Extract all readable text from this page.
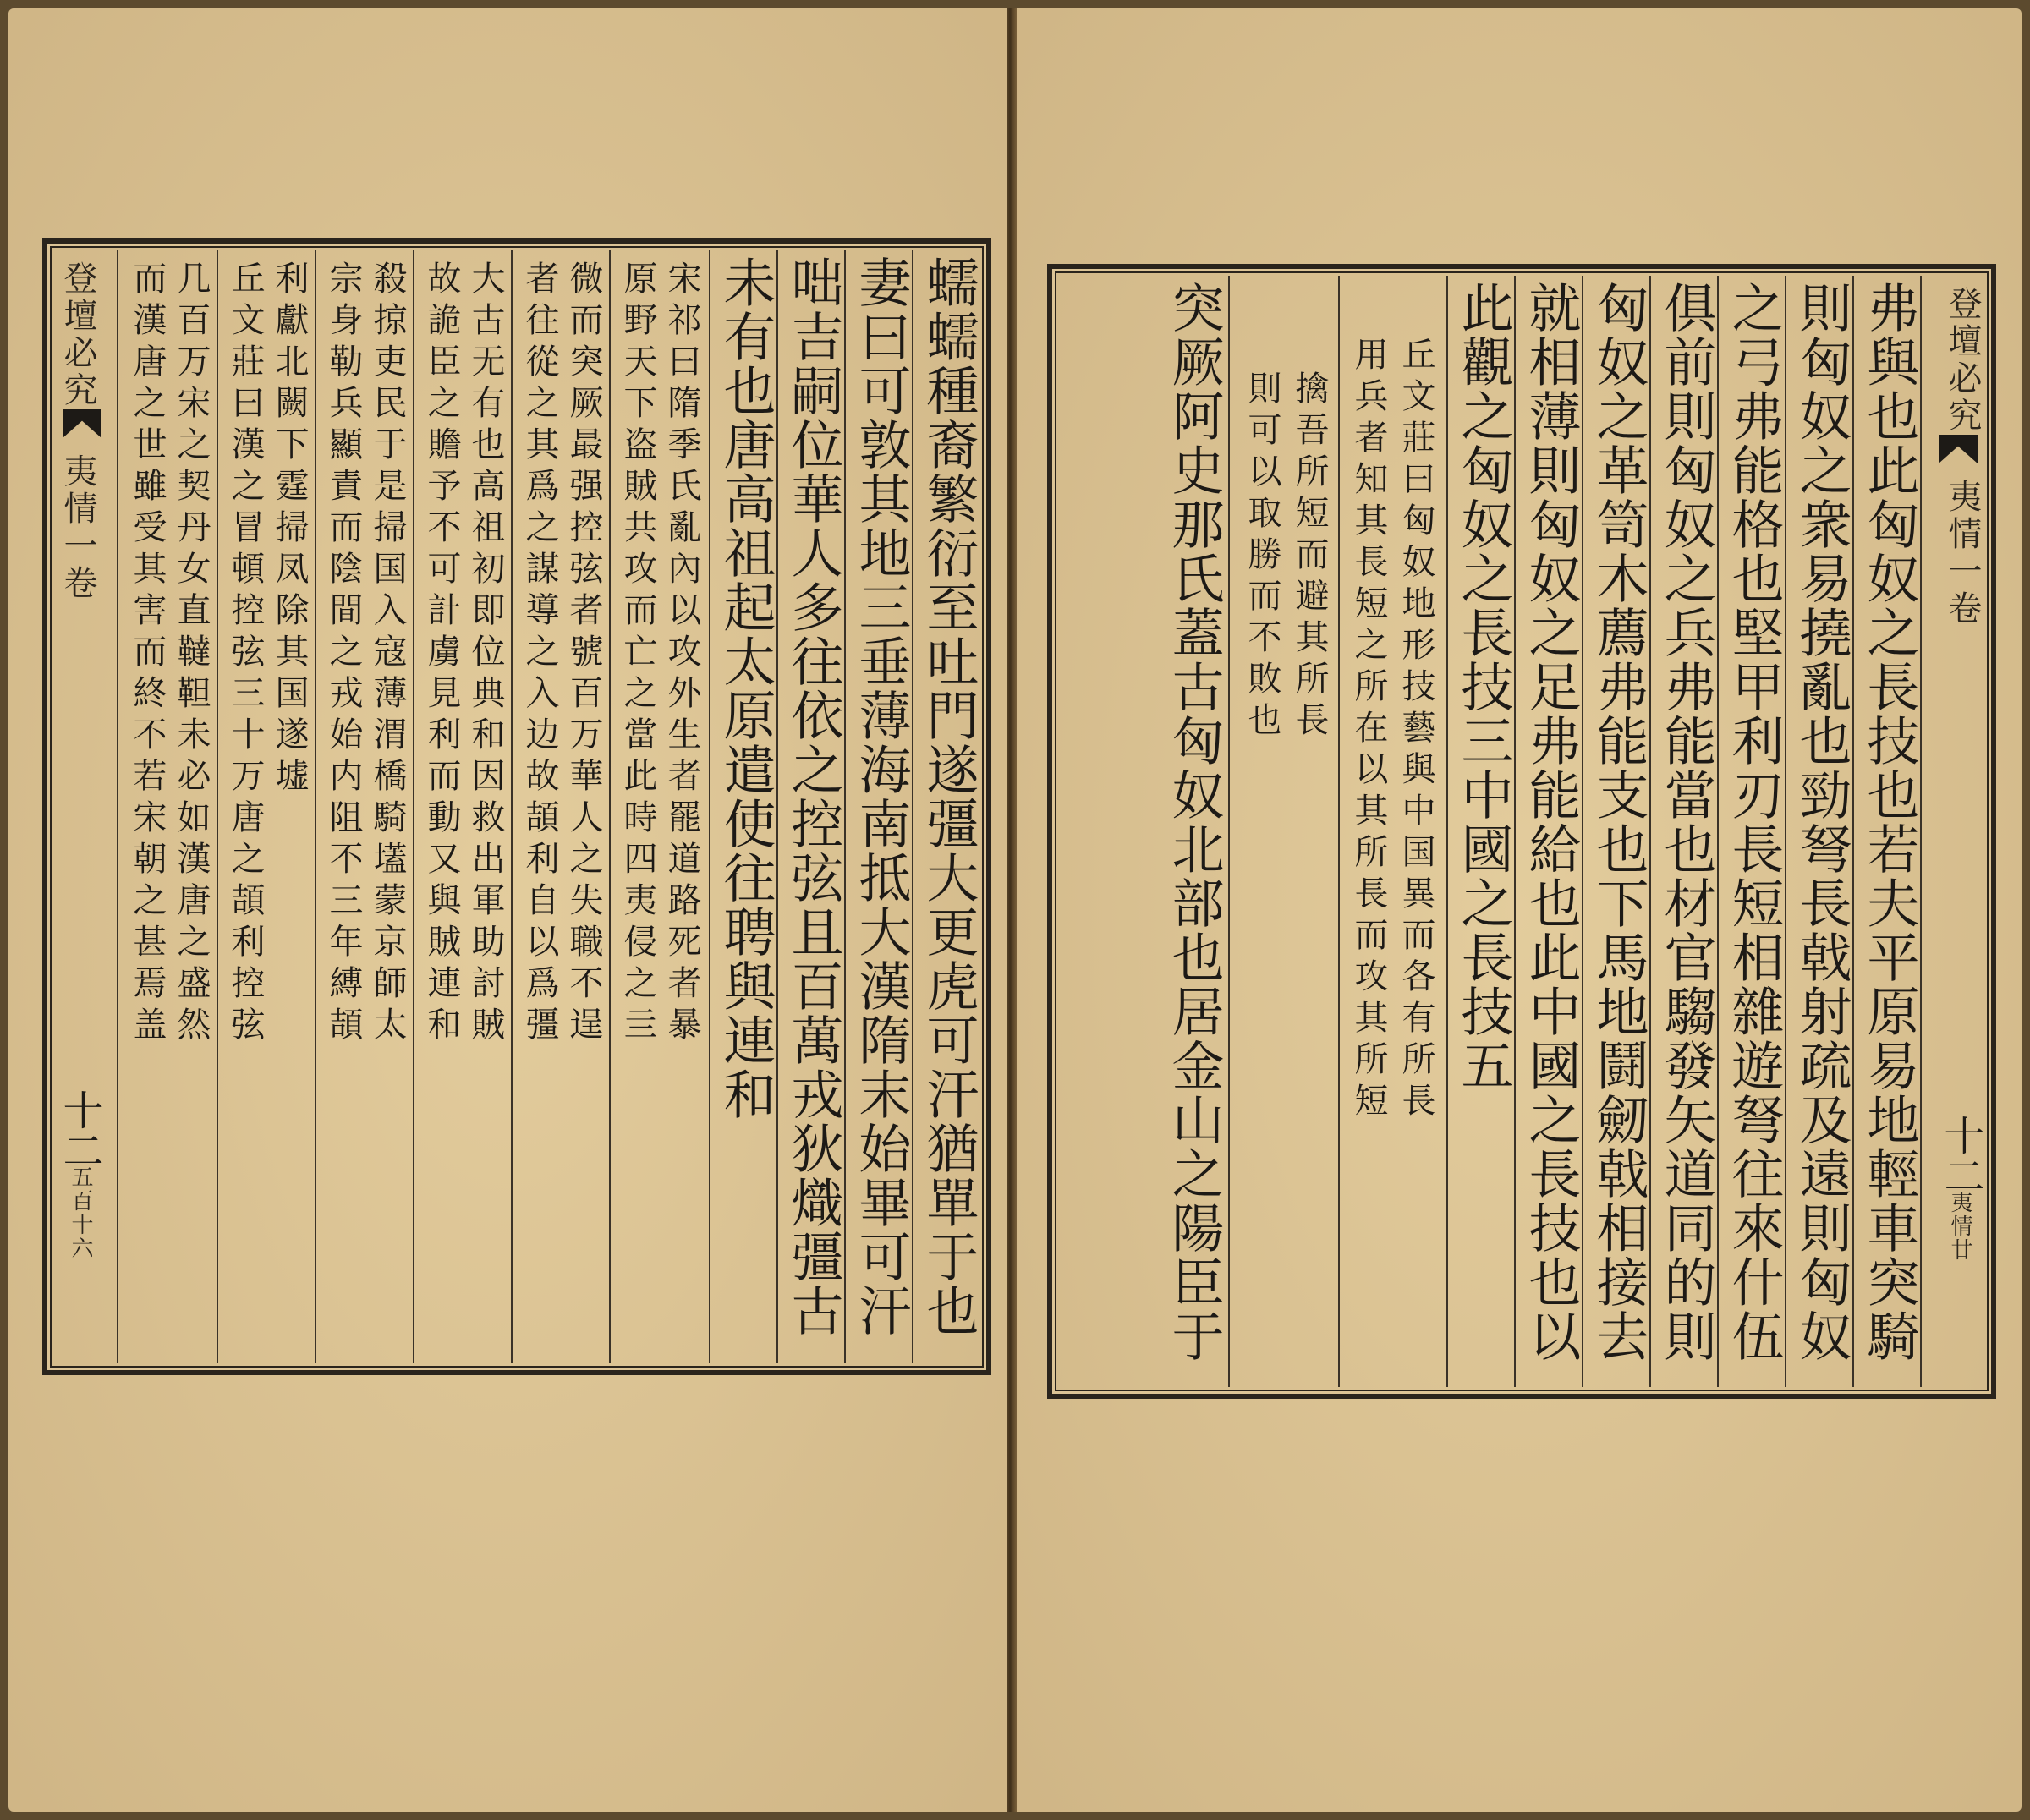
登壇必究
夷情一卷
十二
夷情廿
弗與也此匈奴之長技也若夫平原易地輕車突騎
則匈奴之衆易撓亂也勁弩長戟射疏及遠則匈奴
之弓弗能格也堅甲利刃長短相雜遊弩往來什伍
俱前則匈奴之兵弗能當也材官騶發矢道同的則
匈奴之革笥木薦弗能支也下馬地鬪劒戟相接去
就相薄則匈奴之足弗能給也此中國之長技也以
此觀之匈奴之長技三中國之長技五
丘文莊曰匈奴地形技藝與中国異而各有所長
用兵者知其長短之所在以其所長而攻其所短
擒吾所短而避其所長
則可以取勝而不敗也
突厥阿史那氏蓋古匈奴北部也居金山之陽臣于
蠕蠕種裔繁衍至吐門遂彊大更虎可汗猶單于也
妻曰可敦其地三垂薄海南抵大漢隋末始畢可汗
咄吉嗣位華人多往依之控弦且百萬戎狄熾彊古
未有也唐高祖起太原遣使往聘與連和
宋祁曰隋季氏亂內以攻外生者罷道路死者暴
原野天下盗賊共攻而亡之當此時四夷侵之亖
微而突厥最强控弦者號百万華人之失職不逞
者往從之其爲之謀導之入边故頡利自以爲彊
大古无有也高祖初即位典和因救出軍助討賊
故詭臣之贍予不可計虜見利而動又與賊連和
殺掠吏民于是掃国入寇薄渭橋騎壒蒙京師太
宗身勒兵顯責而陰間之戎始内阻不三年縛頡
利獻北闕下霆掃凤除其国遂墟
丘文莊曰漢之冒頓控弦三十万唐之頡利控弦
几百万宋之契丹女直韃靼未必如漢唐之盛然
而漢唐之世雖受其害而終不若宋朝之甚焉盖
登壇必究
夷情一卷
十二
五百十六
